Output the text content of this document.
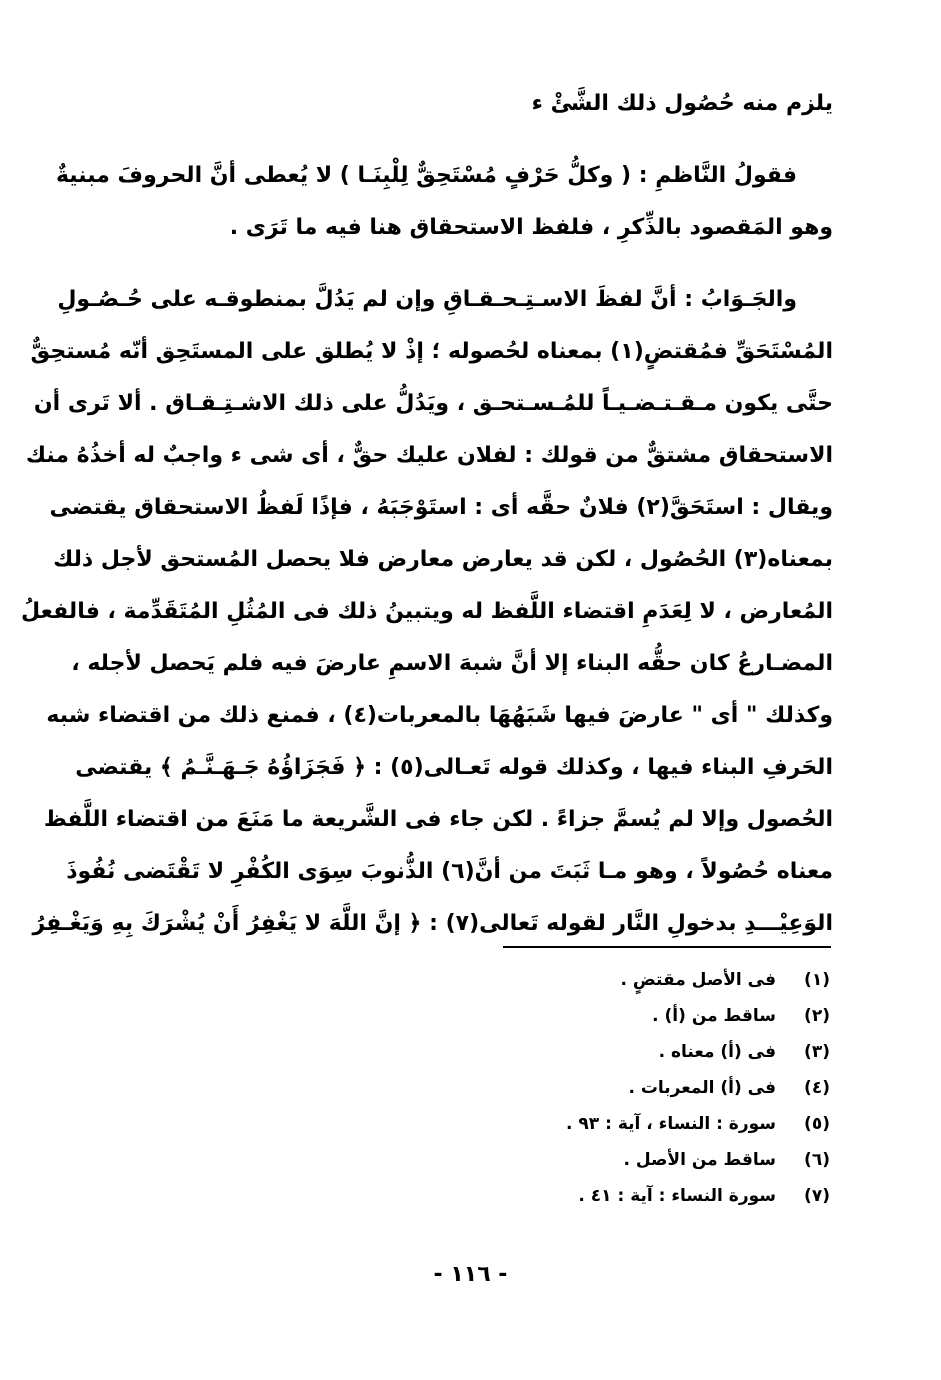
يلزم منه حُصُول ذلك الشَّئْ ء
فقولُ النَّاظمِ : ( وكلُّ حَرْفٍ مُسْتَحِقٌّ لِلْبِنَـا ) لا يُعطى أنَّ الحروفَ مبنيةٌ
وهو المَقصود بالذِّكرِ ، فلفظ الاستحقاق هنا فيه ما تَرَى .
والجَـوَابُ : أنَّ لفظَ الاسـتِـحـقـاقِ وإن لم يَدُلَّ بمنطوقـه على حُـصُـولِ
المُسْتَحَقِّ فمُقتضٍ(١) بمعناه لحُصوله ؛ إذْ لا يُطلق على المستَحِق أنّه مُستحِقٌّ
حتَّى يكون مـقـتـضـيـاً للمُـسـتحـق ، ويَدُلُّ على ذلك الاشـتِـقـاق . ألا تَرى أن
الاستحقاق مشتقٌّ من قولك : لفلان عليك حقٌّ ، أى شى ء واجبٌ له أخذُهُ منك
ويقال : استَحَقَّ(٢) فلانٌ حقَّه أى : استَوْجَبَهُ ، فإذًا لَفظُ الاستحقاق يقتضى
بمعناه(٣) الحُصُول ، لكن قد يعارض معارض فلا يحصل المُستحق لأجل ذلك
المُعارض ، لا لِعَدَمِ اقتضاء اللَّفظ له ويتبينُ ذلك فى المُثُلِ المُتَقَدِّمة ، فالفعلُ
المضـارعُ كان حقُّه البناء إلا أنَّ شبهَ الاسمِ عارضَ فيه فلم يَحصل لأجله ،
وكذلك " أى " عارضَ فيها شَبَهُهَا بالمعربات(٤) ، فمنع ذلك من اقتضاء شبه
الحَرفِ البناء فيها ، وكذلك قوله تَعـالى(٥) : ﴿ فَجَزَاؤُهُ جَـهَـنَّـمُ ﴾ يقتضى
الحُصول وإلا لم يُسمَّ جزاءً . لكن جاء فى الشَّريعة ما مَنَعَ من اقتضاء اللَّفظ
معناه حُصُولاً ، وهو مـا ثَبَتَ من أنَّ(٦) الذُّنوبَ سِوَى الكُفْرِ لا تَقْتَضى نُفُوذَ
الوَعِيْـــدِ بدخولِ النَّار لقوله تَعالى(٧) : ﴿ إنَّ اللَّهَ لا يَغْفِرُ أَنْ يُشْرَكَ بِهِ وَيَغْـفِرُ
(١)
فى الأصل مقتضٍ .
(٢)
ساقط من (أ) .
(٣)
فى (أ) معناه .
(٤)
فى (أ) المعربات .
(٥)
سورة : النساء ، آية : ٩٣ .
(٦)
ساقط من الأصل .
(٧)
سورة النساء : آية : ٤١ .
- ١١٦ -
